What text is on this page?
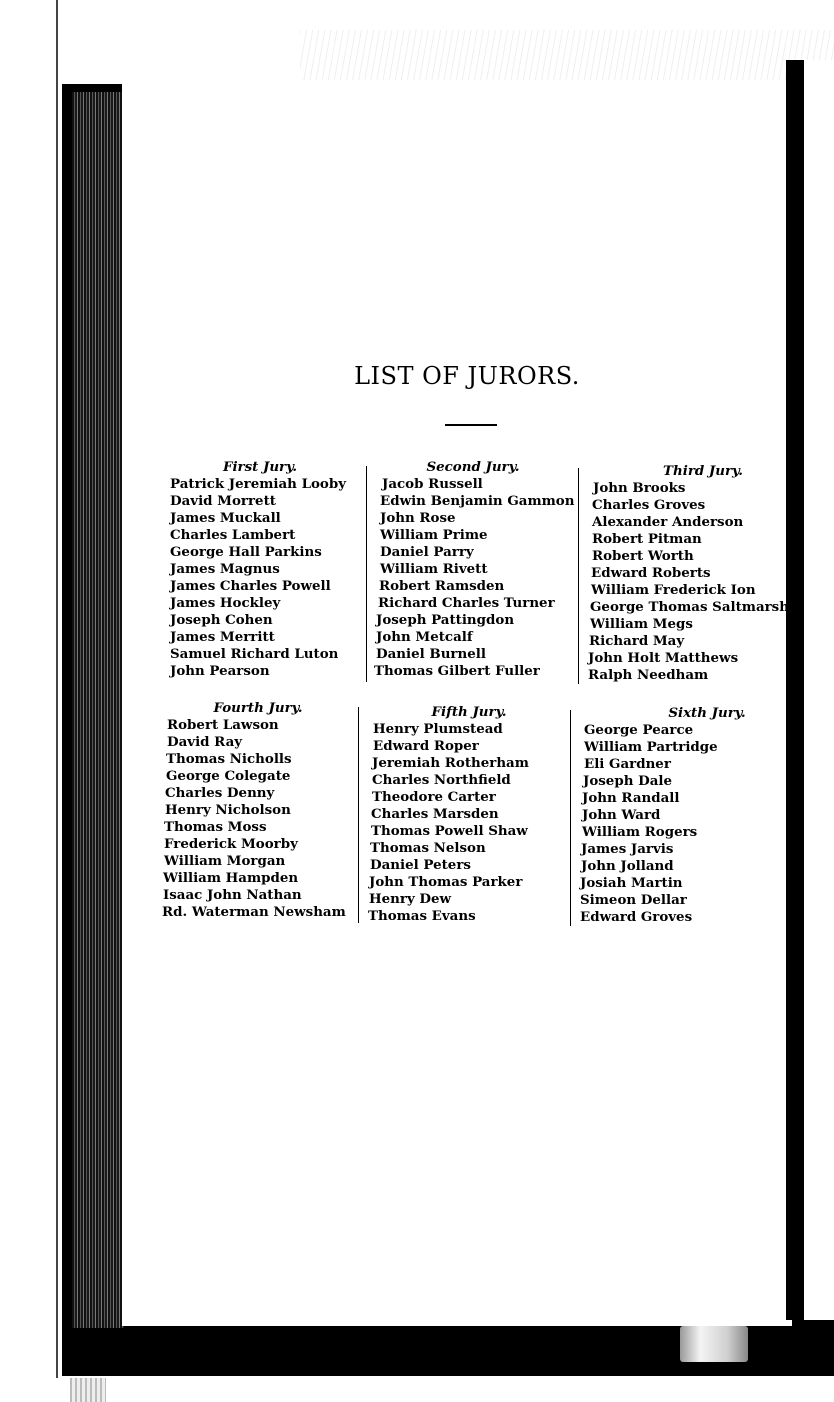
LIST OF JURORS.
First Jury.
Patrick Jeremiah Looby
David Morrett
James Muckall
Charles Lambert
George Hall Parkins
James Magnus
James Charles Powell
James Hockley
Joseph Cohen
James Merritt
Samuel Richard Luton
John Pearson
Second Jury.
Jacob Russell
Edwin Benjamin Gammon
John Rose
William Prime
Daniel Parry
William Rivett
Robert Ramsden
Richard Charles Turner
Joseph Pattingdon
John Metcalf
Daniel Burnell
Thomas Gilbert Fuller
Third Jury.
John Brooks
Charles Groves
Alexander Anderson
Robert Pitman
Robert Worth
Edward Roberts
William Frederick Ion
George Thomas Saltmarsh
William Megs
Richard May
John Holt Matthews
Ralph Needham
Fourth Jury.
Robert Lawson
David Ray
Thomas Nicholls
George Colegate
Charles Denny
Henry Nicholson
Thomas Moss
Frederick Moorby
William Morgan
William Hampden
Isaac John Nathan
Rd. Waterman Newsham
Fifth Jury.
Henry Plumstead
Edward Roper
Jeremiah Rotherham
Charles Northfield
Theodore Carter
Charles Marsden
Thomas Powell Shaw
Thomas Nelson
Daniel Peters
John Thomas Parker
Henry Dew
Thomas Evans
Sixth Jury.
George Pearce
William Partridge
Eli Gardner
Joseph Dale
John Randall
John Ward
William Rogers
James Jarvis
John Jolland
Josiah Martin
Simeon Dellar
Edward Groves
